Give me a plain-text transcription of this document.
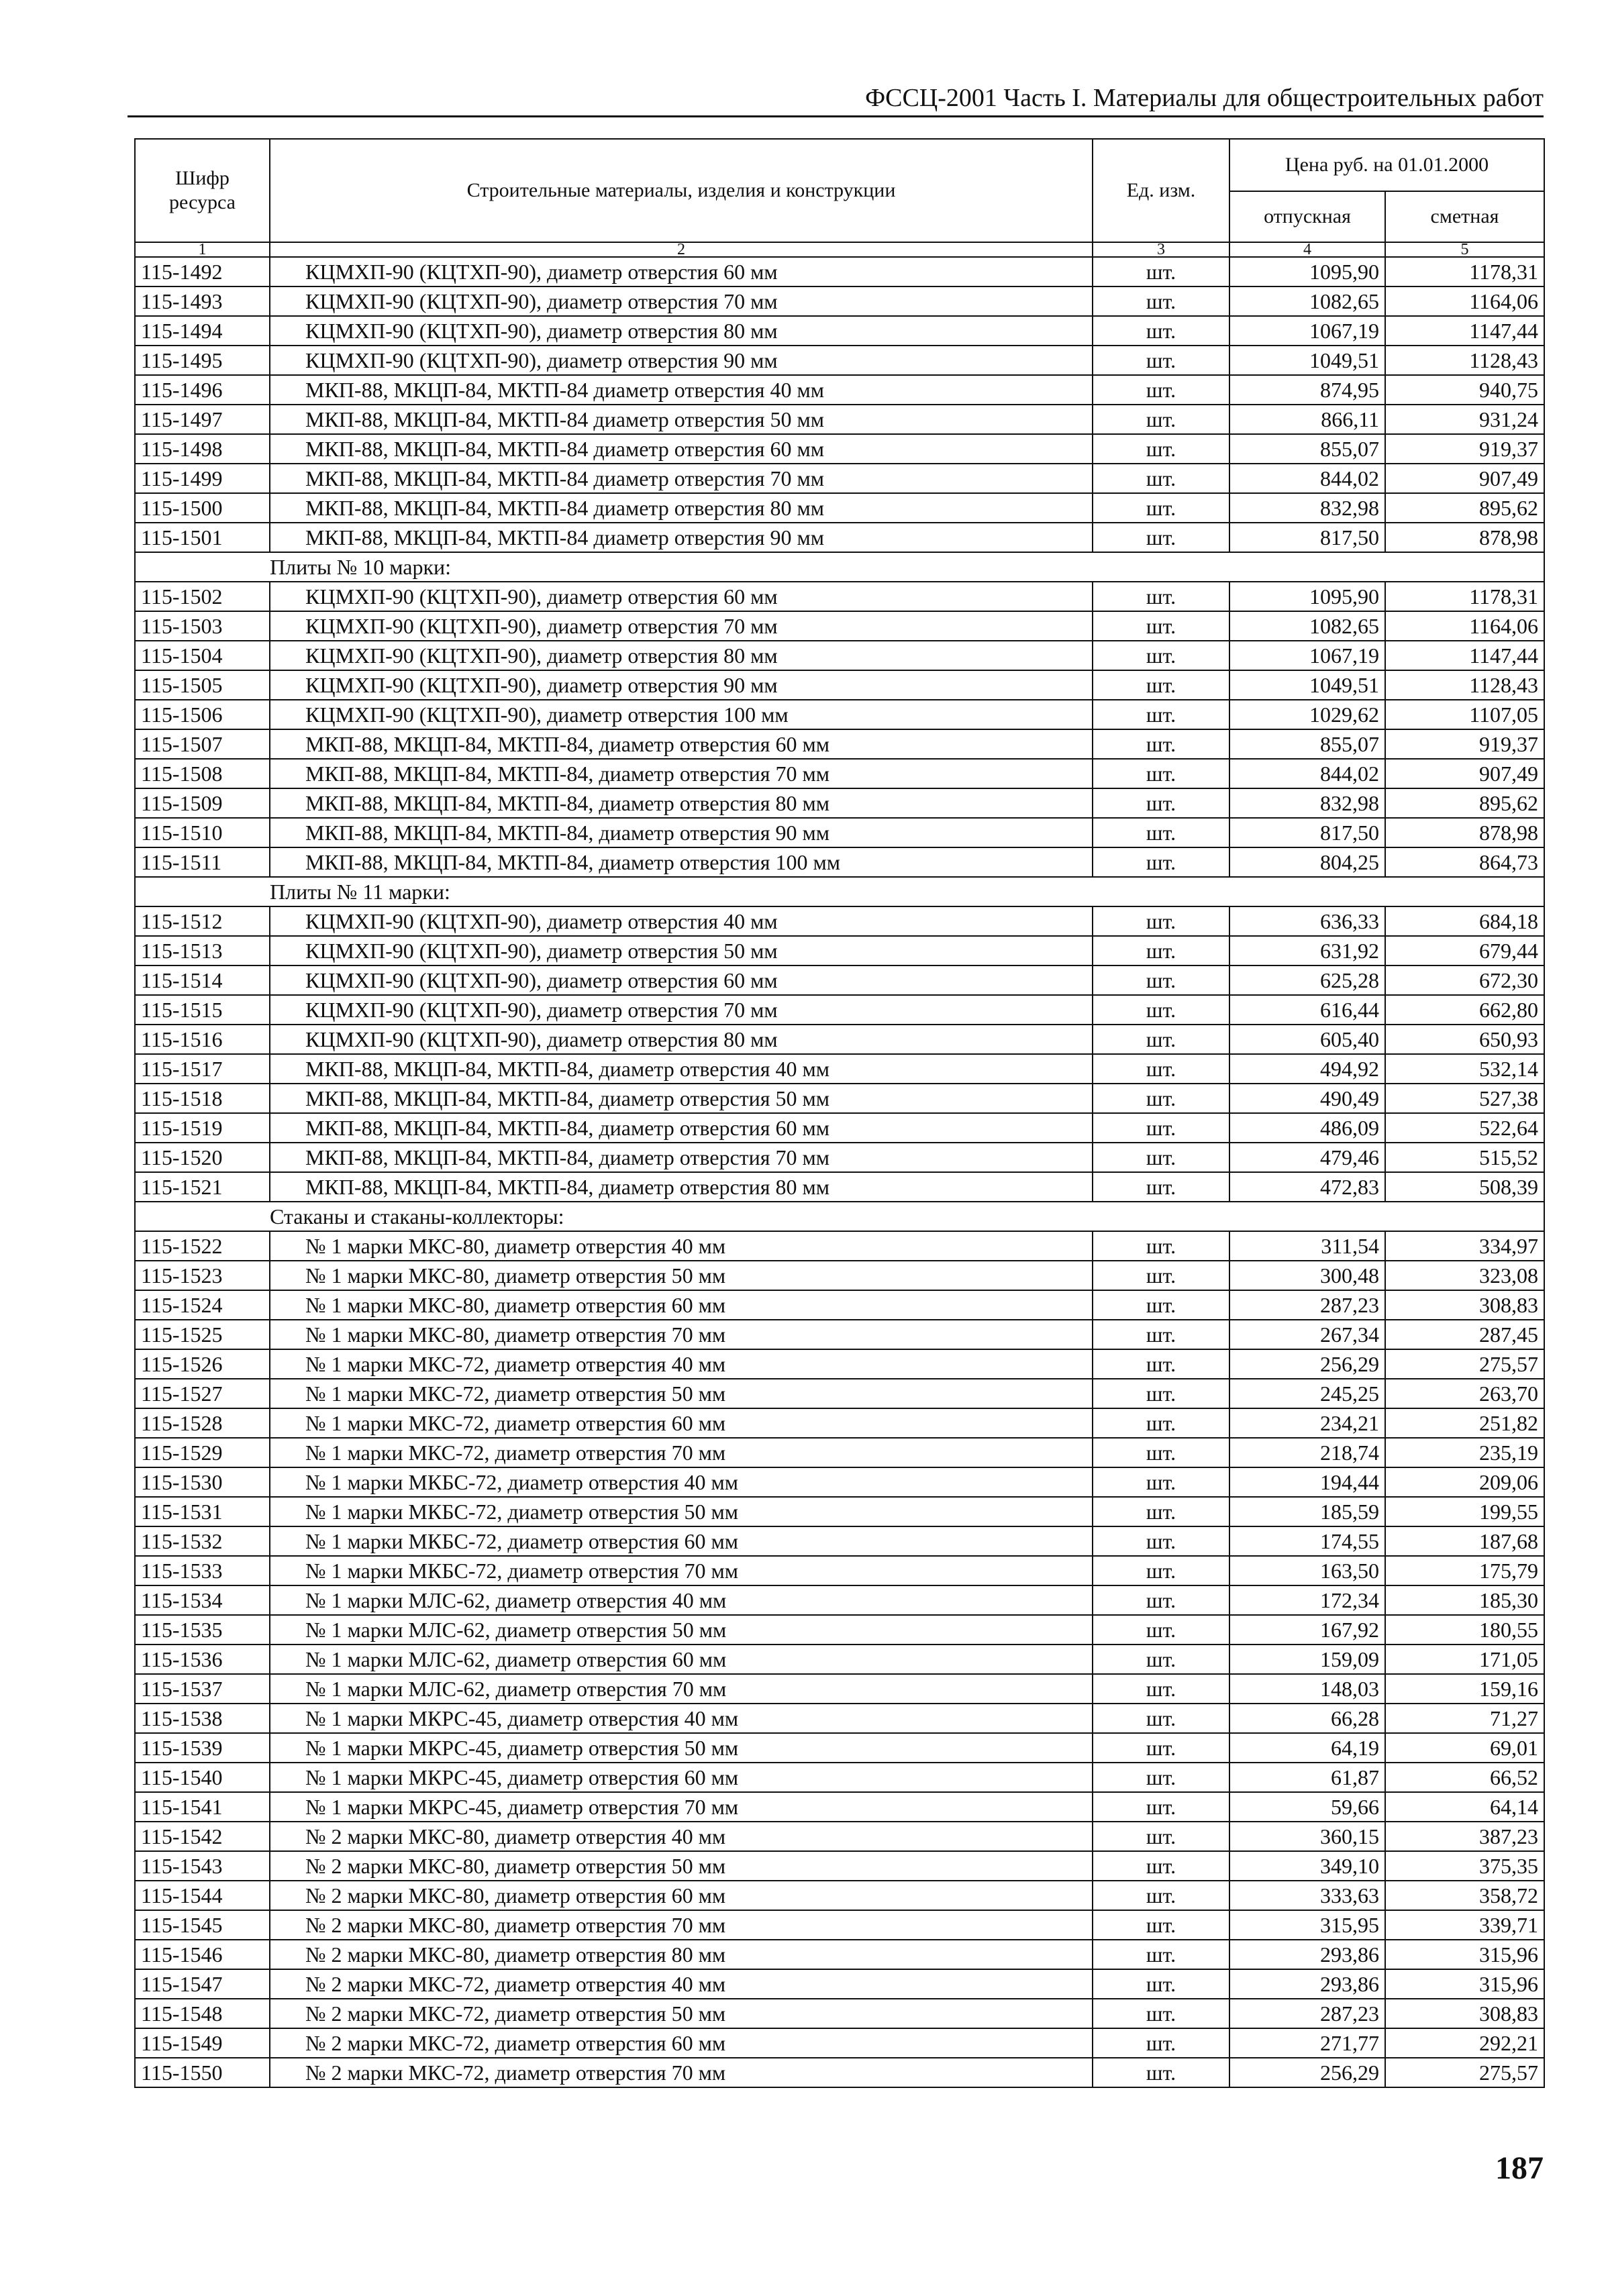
ФССЦ-2001 Часть I. Материалы для общестроительных работ
Шифр ресурса	Строительные материалы, изделия и конструкции	Ед. изм.	Цена руб. на 01.01.2000	
			отпускная	сметная
1	2	3	4	5
115-1492	КЦМХП-90 (КЦТХП-90), диаметр отверстия 60 мм	шт.	1095,90	1178,31
115-1493	КЦМХП-90 (КЦТХП-90), диаметр отверстия 70 мм	шт.	1082,65	1164,06
115-1494	КЦМХП-90 (КЦТХП-90), диаметр отверстия 80 мм	шт.	1067,19	1147,44
115-1495	КЦМХП-90 (КЦТХП-90), диаметр отверстия 90 мм	шт.	1049,51	1128,43
115-1496	МКП-88, МКЦП-84, МКТП-84 диаметр отверстия 40 мм	шт.	874,95	940,75
115-1497	МКП-88, МКЦП-84, МКТП-84 диаметр отверстия 50 мм	шт.	866,11	931,24
115-1498	МКП-88, МКЦП-84, МКТП-84 диаметр отверстия 60 мм	шт.	855,07	919,37
115-1499	МКП-88, МКЦП-84, МКТП-84 диаметр отверстия 70 мм	шт.	844,02	907,49
115-1500	МКП-88, МКЦП-84, МКТП-84 диаметр отверстия 80 мм	шт.	832,98	895,62
115-1501	МКП-88, МКЦП-84, МКТП-84 диаметр отверстия 90 мм	шт.	817,50	878,98
Плиты № 10 марки:				
115-1502	КЦМХП-90 (КЦТХП-90), диаметр отверстия 60 мм	шт.	1095,90	1178,31
115-1503	КЦМХП-90 (КЦТХП-90), диаметр отверстия 70 мм	шт.	1082,65	1164,06
115-1504	КЦМХП-90 (КЦТХП-90), диаметр отверстия 80 мм	шт.	1067,19	1147,44
115-1505	КЦМХП-90 (КЦТХП-90), диаметр отверстия 90 мм	шт.	1049,51	1128,43
115-1506	КЦМХП-90 (КЦТХП-90), диаметр отверстия 100 мм	шт.	1029,62	1107,05
115-1507	МКП-88, МКЦП-84, МКТП-84, диаметр отверстия 60 мм	шт.	855,07	919,37
115-1508	МКП-88, МКЦП-84, МКТП-84, диаметр отверстия 70 мм	шт.	844,02	907,49
115-1509	МКП-88, МКЦП-84, МКТП-84, диаметр отверстия 80 мм	шт.	832,98	895,62
115-1510	МКП-88, МКЦП-84, МКТП-84, диаметр отверстия 90 мм	шт.	817,50	878,98
115-1511	МКП-88, МКЦП-84, МКТП-84, диаметр отверстия 100 мм	шт.	804,25	864,73
Плиты № 11 марки:				
115-1512	КЦМХП-90 (КЦТХП-90), диаметр отверстия 40 мм	шт.	636,33	684,18
115-1513	КЦМХП-90 (КЦТХП-90), диаметр отверстия 50 мм	шт.	631,92	679,44
115-1514	КЦМХП-90 (КЦТХП-90), диаметр отверстия 60 мм	шт.	625,28	672,30
115-1515	КЦМХП-90 (КЦТХП-90), диаметр отверстия 70 мм	шт.	616,44	662,80
115-1516	КЦМХП-90 (КЦТХП-90), диаметр отверстия 80 мм	шт.	605,40	650,93
115-1517	МКП-88, МКЦП-84, МКТП-84, диаметр отверстия 40 мм	шт.	494,92	532,14
115-1518	МКП-88, МКЦП-84, МКТП-84, диаметр отверстия 50 мм	шт.	490,49	527,38
115-1519	МКП-88, МКЦП-84, МКТП-84, диаметр отверстия 60 мм	шт.	486,09	522,64
115-1520	МКП-88, МКЦП-84, МКТП-84, диаметр отверстия 70 мм	шт.	479,46	515,52
115-1521	МКП-88, МКЦП-84, МКТП-84, диаметр отверстия 80 мм	шт.	472,83	508,39
Стаканы и стаканы-коллекторы:				
115-1522	№ 1 марки МКС-80, диаметр отверстия 40 мм	шт.	311,54	334,97
115-1523	№ 1 марки МКС-80, диаметр отверстия 50 мм	шт.	300,48	323,08
115-1524	№ 1 марки МКС-80, диаметр отверстия 60 мм	шт.	287,23	308,83
115-1525	№ 1 марки МКС-80, диаметр отверстия 70 мм	шт.	267,34	287,45
115-1526	№ 1 марки МКС-72, диаметр отверстия 40 мм	шт.	256,29	275,57
115-1527	№ 1 марки МКС-72, диаметр отверстия 50 мм	шт.	245,25	263,70
115-1528	№ 1 марки МКС-72, диаметр отверстия 60 мм	шт.	234,21	251,82
115-1529	№ 1 марки МКС-72, диаметр отверстия 70 мм	шт.	218,74	235,19
115-1530	№ 1 марки МКБС-72, диаметр отверстия 40 мм	шт.	194,44	209,06
115-1531	№ 1 марки МКБС-72, диаметр отверстия 50 мм	шт.	185,59	199,55
115-1532	№ 1 марки МКБС-72, диаметр отверстия 60 мм	шт.	174,55	187,68
115-1533	№ 1 марки МКБС-72, диаметр отверстия 70 мм	шт.	163,50	175,79
115-1534	№ 1 марки МЛС-62, диаметр отверстия 40 мм	шт.	172,34	185,30
115-1535	№ 1 марки МЛС-62, диаметр отверстия 50 мм	шт.	167,92	180,55
115-1536	№ 1 марки МЛС-62, диаметр отверстия 60 мм	шт.	159,09	171,05
115-1537	№ 1 марки МЛС-62, диаметр отверстия 70 мм	шт.	148,03	159,16
115-1538	№ 1 марки МКРС-45, диаметр отверстия 40 мм	шт.	66,28	71,27
115-1539	№ 1 марки МКРС-45, диаметр отверстия 50 мм	шт.	64,19	69,01
115-1540	№ 1 марки МКРС-45, диаметр отверстия 60 мм	шт.	61,87	66,52
115-1541	№ 1 марки МКРС-45, диаметр отверстия 70 мм	шт.	59,66	64,14
115-1542	№ 2 марки МКС-80, диаметр отверстия 40 мм	шт.	360,15	387,23
115-1543	№ 2 марки МКС-80, диаметр отверстия 50 мм	шт.	349,10	375,35
115-1544	№ 2 марки МКС-80, диаметр отверстия 60 мм	шт.	333,63	358,72
115-1545	№ 2 марки МКС-80, диаметр отверстия 70 мм	шт.	315,95	339,71
115-1546	№ 2 марки МКС-80, диаметр отверстия 80 мм	шт.	293,86	315,96
115-1547	№ 2 марки МКС-72, диаметр отверстия 40 мм	шт.	293,86	315,96
115-1548	№ 2 марки МКС-72, диаметр отверстия 50 мм	шт.	287,23	308,83
115-1549	№ 2 марки МКС-72, диаметр отверстия 60 мм	шт.	271,77	292,21
115-1550	№ 2 марки МКС-72, диаметр отверстия 70 мм	шт.	256,29	275,57
187
